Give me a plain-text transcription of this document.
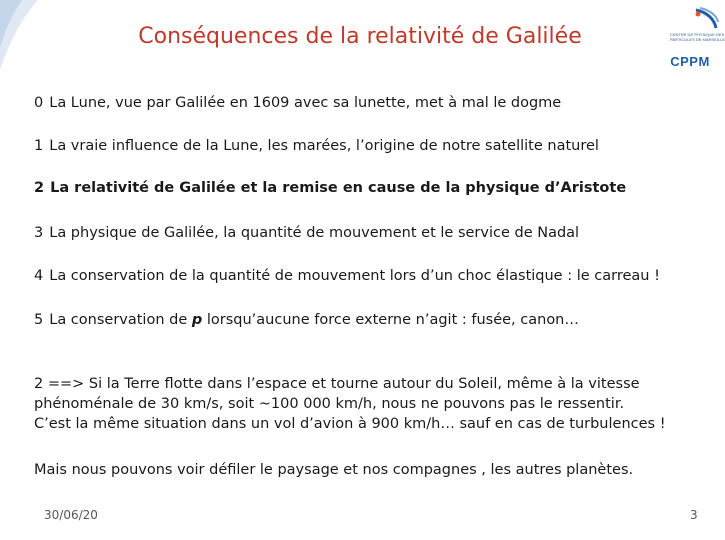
Conséquences de la relativité de Galilée	CENTRE DE PHYSIQUE DES
PARTICULES DE MARSEILLE
CPPM
0 La Lune, vue par Galilée en 1609 avec sa lunette, met à mal le dogme
1 La vraie influence de la Lune, les marées, l’origine de notre satellite naturel
2 La relativité de Galilée et la remise en cause de la physique d’Aristote
3 La physique de Galilée, la quantité de mouvement et le service de Nadal
4 La conservation de la quantité de mouvement lors d’un choc élastique : le carreau !
5 La conservation de p lorsqu’aucune force externe n’agit : fusée, canon…
2 ==> Si la Terre flotte dans l’espace et tourne autour du Soleil, même à la vitesse
phénoménale de 30 km/s, soit ~100 000 km/h, nous ne pouvons pas le ressentir.
C’est la même situation dans un vol d’avion à 900 km/h… sauf en cas de turbulences !
Mais nous pouvons voir défiler le paysage et nos compagnes , les autres planètes.
30/06/20	3
